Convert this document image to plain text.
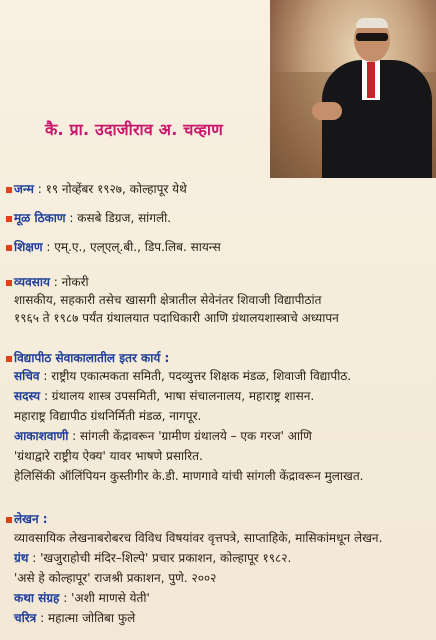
कै. प्रा. उदाजीराव अ. चव्हाण
जन्म : १९ नोव्हेंबर १९२७, कोल्हापूर येथे
मूळ ठिकाण : कसबे डिग्रज, सांगली.
शिक्षण : एम्.ए., एल्एल्.बी., डिप.लिब. सायन्स
व्यवसाय : नोकरी
शासकीय, सहकारी तसेच खासगी क्षेत्रातील सेवेनंतर शिवाजी विद्यापीठांत
१९६५ ते १९८७ पर्यंत ग्रंथालयात पदाधिकारी आणि ग्रंथालयशास्त्राचे अध्यापन
विद्यापीठ सेवाकालातील इतर कार्य :
सचिव : राष्ट्रीय एकात्मकता समिती, पदव्युत्तर शिक्षक मंडळ, शिवाजी विद्यापीठ.
सदस्य : ग्रंथालय शास्त्र उपसमिती, भाषा संचालनालय, महाराष्ट्र शासन.
महाराष्ट्र विद्यापीठ ग्रंथनिर्मिती मंडळ, नागपूर.
आकाशवाणी : सांगली केंद्रावरून 'ग्रामीण ग्रंथालये – एक गरज' आणि
'ग्रंथाद्वारे राष्ट्रीय ऐक्य' यावर भाषणे प्रसारित.
हेलिसिंकी ऑलिंपियन कुस्तीगीर के.डी. माणगावे यांची सांगली केंद्रावरून मुलाखत.
लेखन :
व्यावसायिक लेखनाबरोबरच विविध विषयांवर वृत्तपत्रे, साप्ताहिके, मासिकांमधून लेखन.
ग्रंथ : 'खजुराहोची मंदिर–शिल्पे' प्रचार प्रकाशन, कोल्हापूर १९८२.
'असे हे कोल्हापूर' राजश्री प्रकाशन, पुणे. २००२
कथा संग्रह : 'अशी माणसे येती'
चरित्र : महात्मा जोतिबा फुले
